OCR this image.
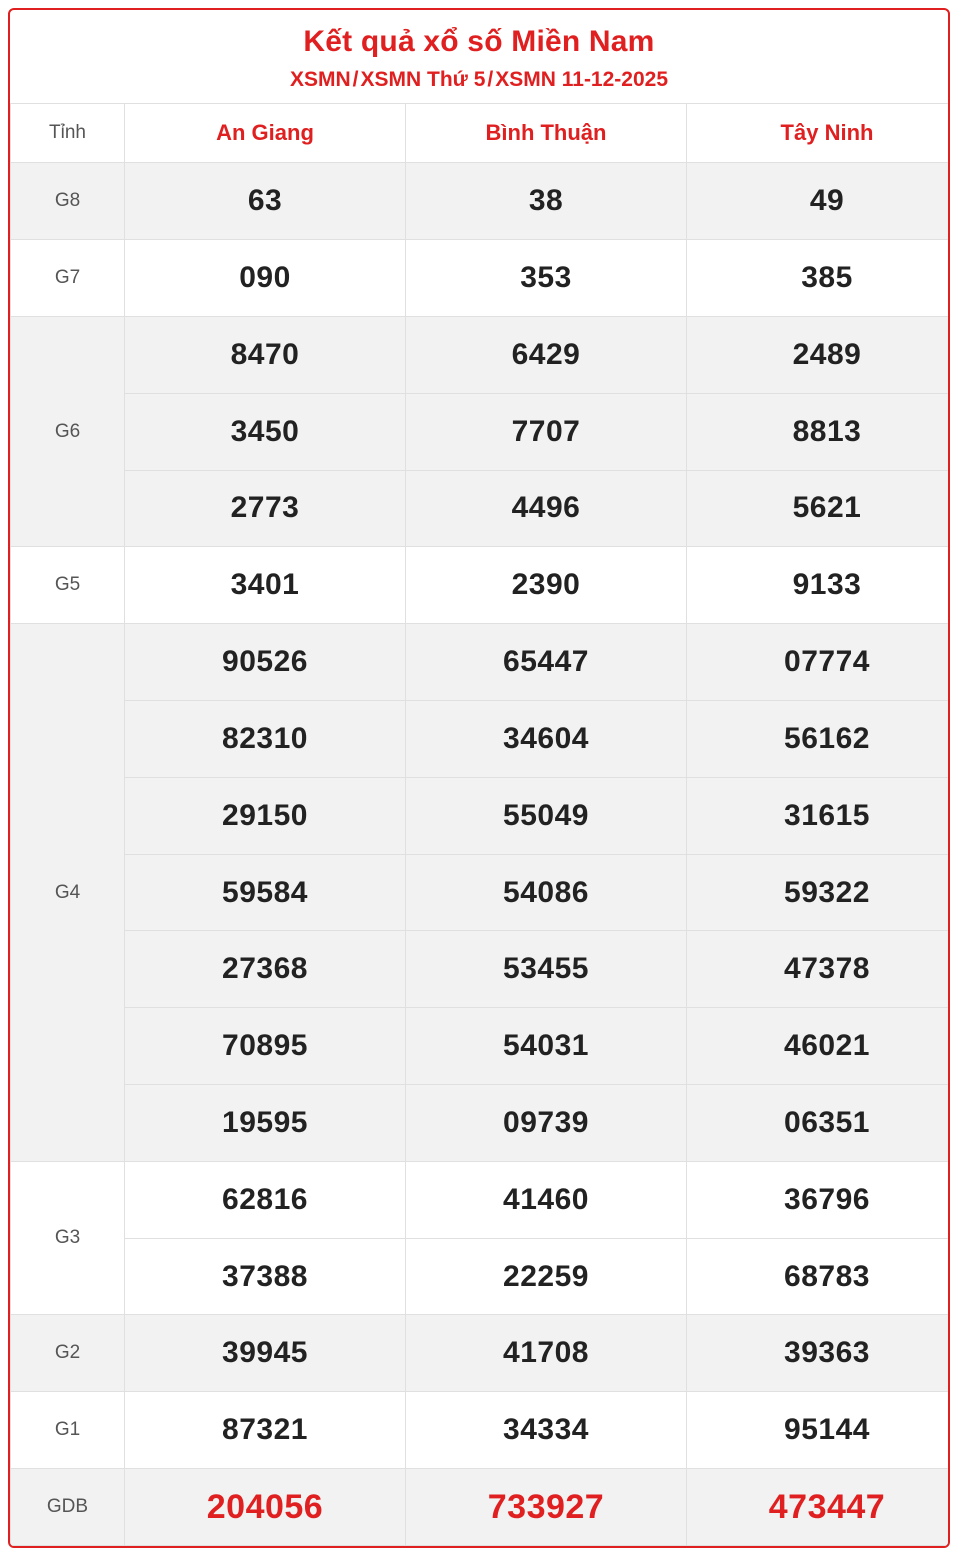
Kết quả xổ số Miền Nam
XSMN/XSMN Thứ 5/XSMN 11-12-2025
Tỉnh	An Giang	Bình Thuận	Tây Ninh
G8	63	38	49
G7	090	353	385
G6	8470	6429	2489
	3450	7707	8813
	2773	4496	5621
G5	3401	2390	9133
G4	90526	65447	07774
	82310	34604	56162
	29150	55049	31615
	59584	54086	59322
	27368	53455	47378
	70895	54031	46021
	19595	09739	06351
G3	62816	41460	36796
	37388	22259	68783
G2	39945	41708	39363
G1	87321	34334	95144
GDB	204056	733927	473447
